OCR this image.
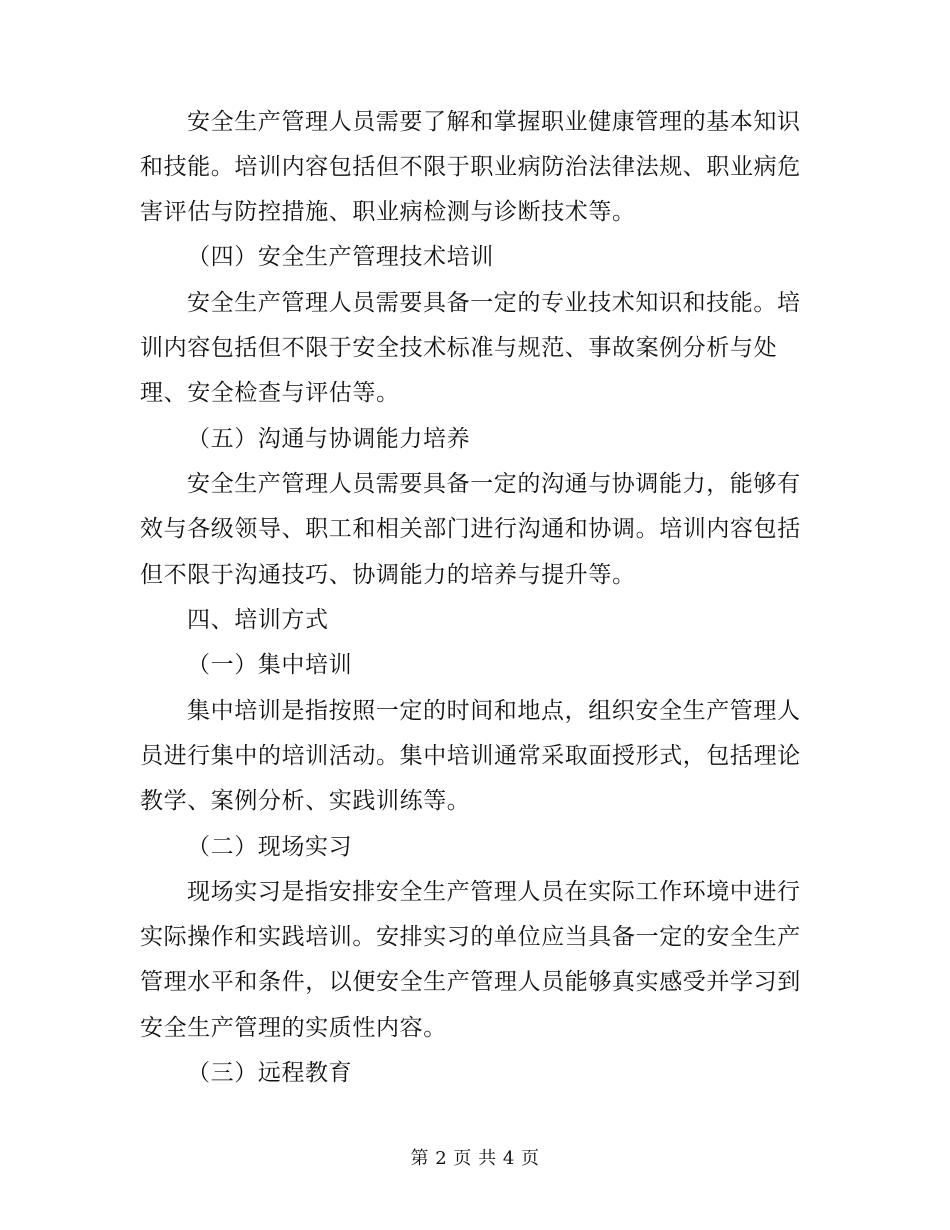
安全生产管理人员需要了解和掌握职业健康管理的基本知识
和技能。培训内容包括但不限于职业病防治法律法规、职业病危
害评估与防控措施、职业病检测与诊断技术等。
（四）安全生产管理技术培训
安全生产管理人员需要具备一定的专业技术知识和技能。培
训内容包括但不限于安全技术标准与规范、事故案例分析与处
理、安全检查与评估等。
（五）沟通与协调能力培养
安全生产管理人员需要具备一定的沟通与协调能力，能够有
效与各级领导、职工和相关部门进行沟通和协调。培训内容包括
但不限于沟通技巧、协调能力的培养与提升等。
四、培训方式
（一）集中培训
集中培训是指按照一定的时间和地点，组织安全生产管理人
员进行集中的培训活动。集中培训通常采取面授形式，包括理论
教学、案例分析、实践训练等。
（二）现场实习
现场实习是指安排安全生产管理人员在实际工作环境中进行
实际操作和实践培训。安排实习的单位应当具备一定的安全生产
管理水平和条件，以便安全生产管理人员能够真实感受并学习到
安全生产管理的实质性内容。
（三）远程教育
第 2 页 共 4 页
